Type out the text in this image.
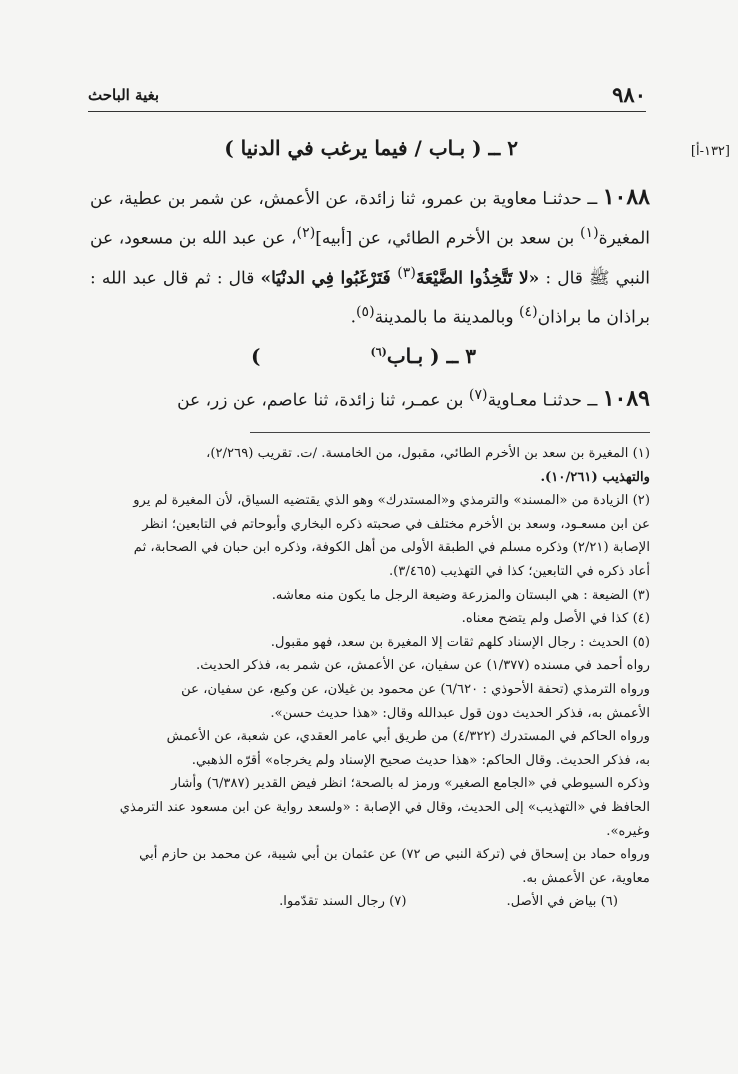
٩٨٠
بغية الباحث
[١٣٢-أ]
٢ ــ ( بـاب / فيما يرغب في الدنيا )

١٠٨٨ ــ حدثنـا معاوية بن عمرو، ثنا زائدة، عن الأعمش، عن شمر بن عطية، عن المغيرة$^{(١)}$ بن سعد بن الأخرم الطائي، عن [أبيه]$^{(٢)}$، عن عبد الله بن مسعود، عن النبي ﷺ قال : «لا تَتَّخِذُوا الضَّيْعَةَ$^{(٣)}$ فَتَرْغَبُوا فِي الدنْيَا» قال : ثم قال عبد الله : براذان ما براذان$^{(٤)}$ وبالمدينة ما بالمدينة$^{(٥)}$.

٣ ــ ( بـاب$^{(٦)}$)

١٠٨٩ ــ حدثنـا معـاوية$^{(٧)}$ بن عمـر، ثنا زائدة، ثنا عاصم، عن زر، عن

(١) المغيرة بن سعد بن الأخرم الطائي، مقبول، من الخامسة. /ت. تقريب (٢/٢٦٩)،

والتهذيب (١٠/٢٦١).

(٢) الزيادة من «المسند» والترمذي و«المستدرك» وهو الذي يقتضيه السياق، لأن المغيرة لم يرو

عن ابن مسعـود، وسعد بن الأخرم مختلف في صحبته ذكره البخاري وأبوحاتم في التابعين؛ انظر

الإصابة (٢/٢١) وذكره مسلم في الطبقة الأولى من أهل الكوفة، وذكره ابن حبان في الصحابة، ثم

أعاد ذكره في التابعين؛ كذا في التهذيب (٣/٤٦٥).

(٣) الضيعة : هي البستان والمزرعة وضيعة الرجل ما يكون منه معاشه.

(٤) كذا في الأصل ولم يتضح معناه.

(٥) الحديث : رجال الإسناد كلهم ثقات إلا المغيرة بن سعد، فهو مقبول.

رواه أحمد في مسنده (١/٣٧٧) عن سفيان، عن الأعمش، عن شمر به، فذكر الحديث.

ورواه الترمذي (تحفة الأحوذي : ٦/٦٢٠) عن محمود بن غيلان، عن وكيع، عن سفيان، عن

الأعمش به، فذكر الحديث دون قول عبدالله وقال: «هذا حديث حسن».

ورواه الحاكم في المستدرك (٤/٣٢٢) من طريق أبي عامر العقدي، عن شعبة، عن الأعمش

به، فذكر الحديث. وقال الحاكم: «هذا حديث صحيح الإسناد ولم يخرجاه» أقرّه الذهبي.

وذكره السيوطي في «الجامع الصغير» ورمز له بالصحة؛ انظر فيض القدير (٦/٣٨٧) وأشار

الحافظ في «التهذيب» إلى الحديث، وقال في الإصابة : «ولسعد رواية عن ابن مسعود عند الترمذي

وغيره».

ورواه حماد بن إسحاق في (تركة النبي ص ٧٢) عن عثمان بن أبي شيبة، عن محمد بن حازم أبي

معاوية، عن الأعمش به.

(٦) بياض في الأصل.
(٧) رجال السند تقدّموا.
